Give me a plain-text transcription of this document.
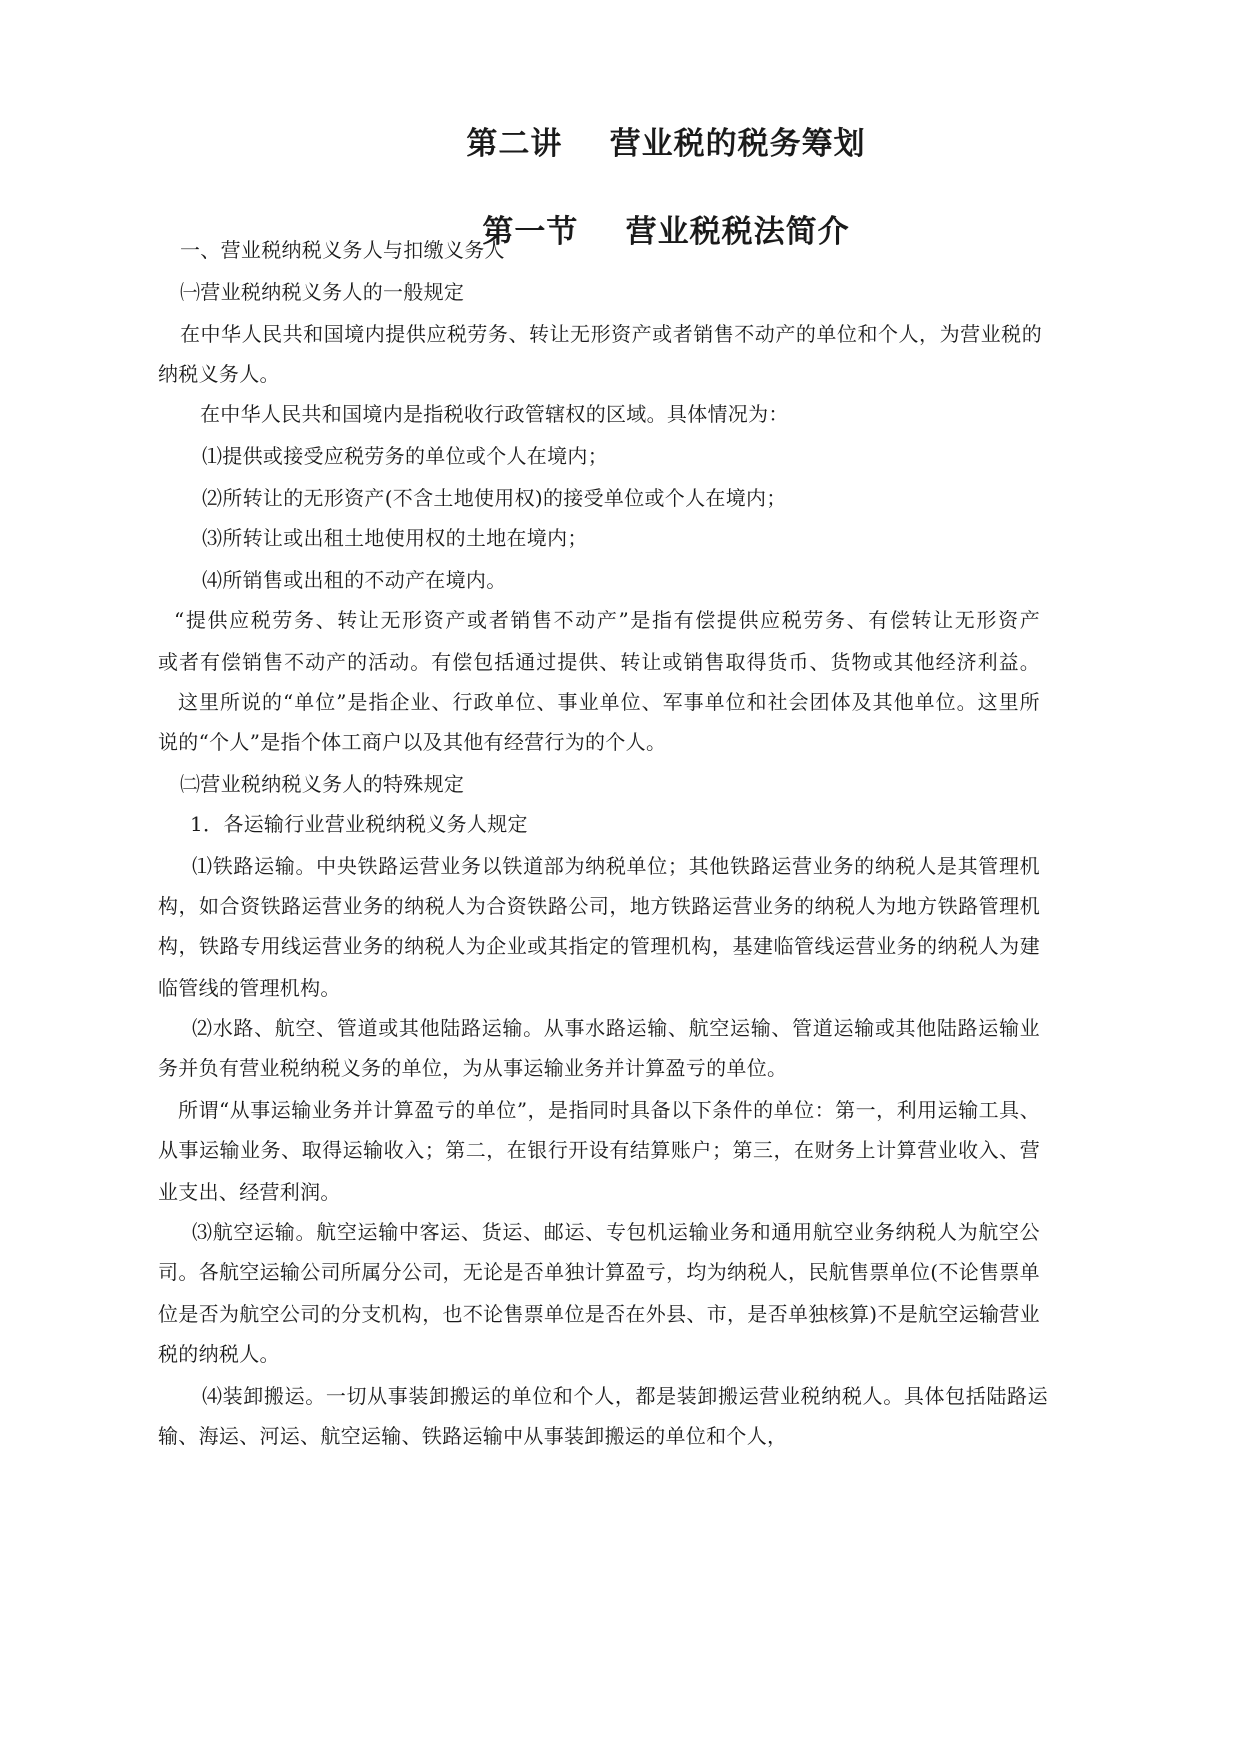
第二讲    营业税的税务筹划
第一节    营业税税法简介
一、营业税纳税义务人与扣缴义务人
㈠营业税纳税义务人的一般规定
在中华人民共和国境内提供应税劳务、转让无形资产或者销售不动产的单位和个人，为营业税的
纳税义务人。
在中华人民共和国境内是指税收行政管辖权的区域。具体情况为：
⑴提供或接受应税劳务的单位或个人在境内；
⑵所转让的无形资产(不含土地使用权)的接受单位或个人在境内；
⑶所转让或出租土地使用权的土地在境内；
⑷所销售或出租的不动产在境内。
“提供应税劳务、转让无形资产或者销售不动产”是指有偿提供应税劳务、有偿转让无形资产
或者有偿销售不动产的活动。有偿包括通过提供、转让或销售取得货币、货物或其他经济利益。
这里所说的“单位”是指企业、行政单位、事业单位、军事单位和社会团体及其他单位。这里所
说的“个人”是指个体工商户以及其他有经营行为的个人。
㈡营业税纳税义务人的特殊规定
1．各运输行业营业税纳税义务人规定
⑴铁路运输。中央铁路运营业务以铁道部为纳税单位；其他铁路运营业务的纳税人是其管理机
构，如合资铁路运营业务的纳税人为合资铁路公司，地方铁路运营业务的纳税人为地方铁路管理机
构，铁路专用线运营业务的纳税人为企业或其指定的管理机构，基建临管线运营业务的纳税人为建
临管线的管理机构。
⑵水路、航空、管道或其他陆路运输。从事水路运输、航空运输、管道运输或其他陆路运输业
务并负有营业税纳税义务的单位，为从事运输业务并计算盈亏的单位。
所谓“从事运输业务并计算盈亏的单位”，是指同时具备以下条件的单位：第一，利用运输工具、
从事运输业务、取得运输收入；第二，在银行开设有结算账户；第三，在财务上计算营业收入、营
业支出、经营利润。
⑶航空运输。航空运输中客运、货运、邮运、专包机运输业务和通用航空业务纳税人为航空公
司。各航空运输公司所属分公司，无论是否单独计算盈亏，均为纳税人，民航售票单位(不论售票单
位是否为航空公司的分支机构，也不论售票单位是否在外县、市，是否单独核算)不是航空运输营业
税的纳税人。
⑷装卸搬运。一切从事装卸搬运的单位和个人，都是装卸搬运营业税纳税人。具体包括陆路运
输、海运、河运、航空运输、铁路运输中从事装卸搬运的单位和个人，
